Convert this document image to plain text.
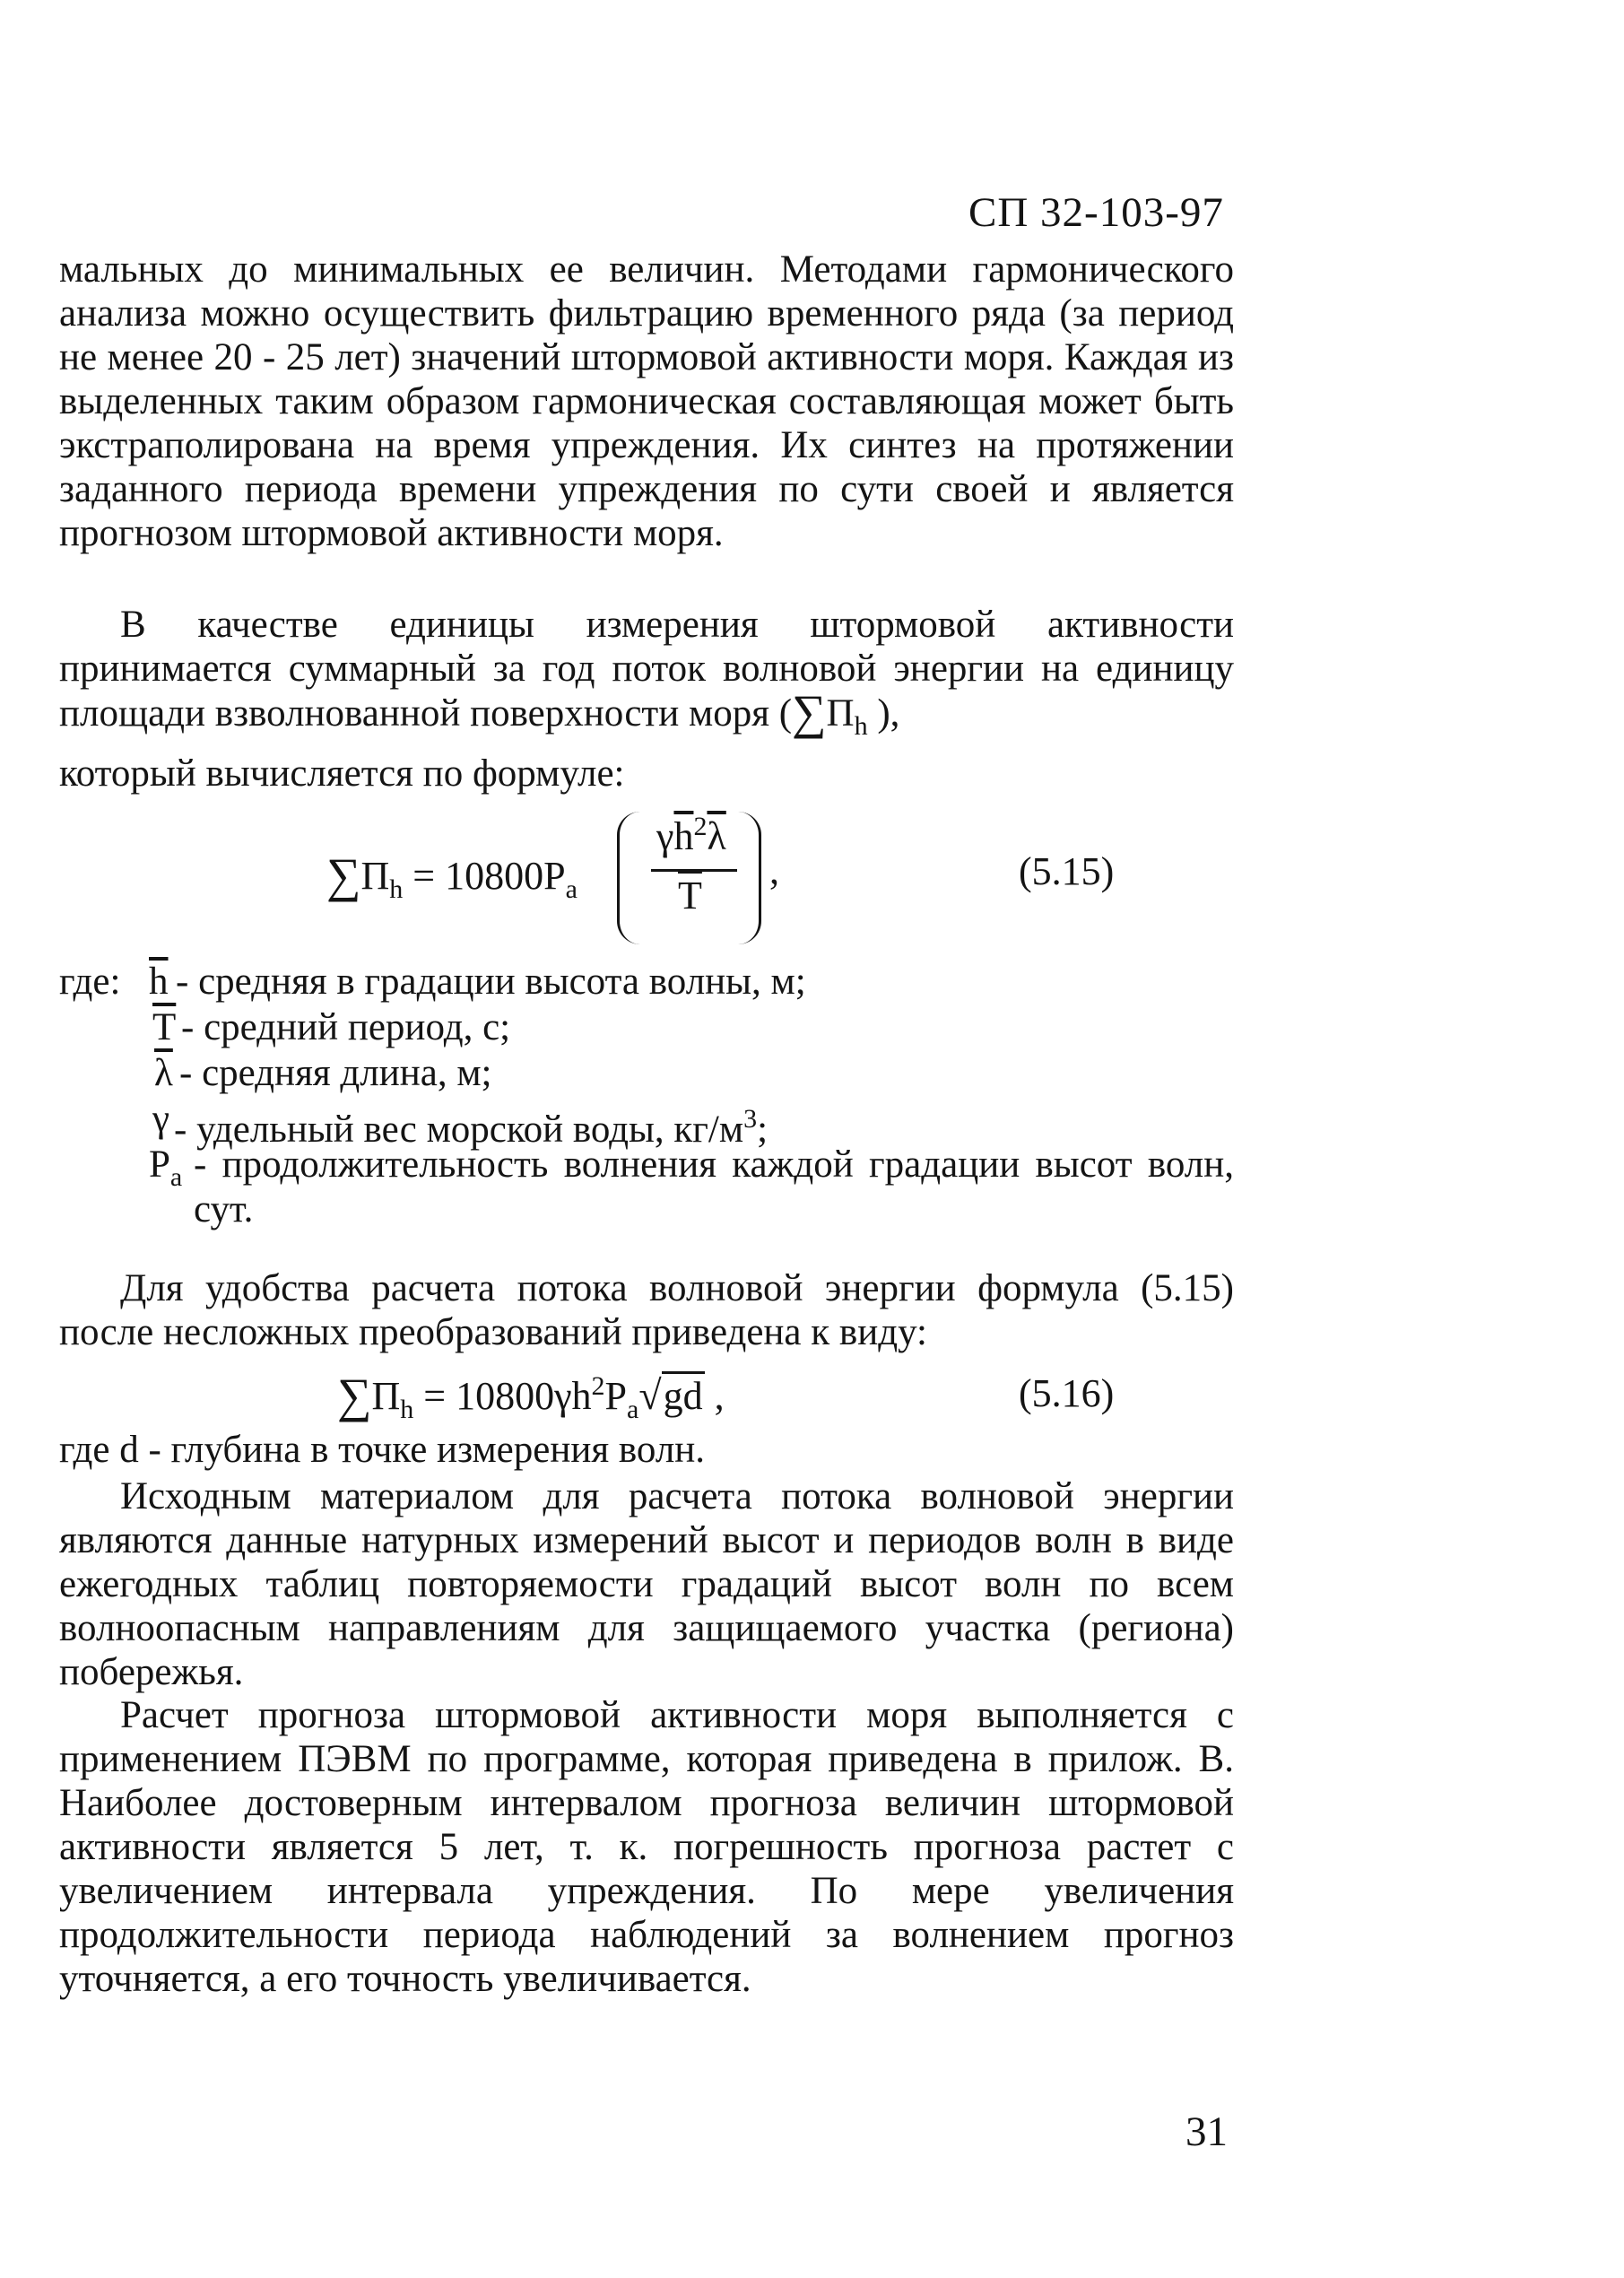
СП 32-103-97

мальных до минимальных ее величин. Методами гармонического анализа можно осуществить фильтрацию временного ряда (за период не менее 20 - 25 лет) значений штормовой активности моря. Каждая из выделенных таким образом гармоническая составляющая может быть экстраполирована на время упреждения. Их синтез на протяжении заданного периода времени упреждения по сути своей и является прогнозом штормовой активности моря.

В качестве единицы измерения штормовой активности принимается суммарный за год поток волновой энергии на единицу площади взволнованной поверхности моря ($\sum П_h$ ),

который вычисляется по формуле:

$\sum П_h = 10800P_a$
$\gamma\overline{h}^2\overline{\lambda}$
$\overline{T}$
,	(5.15)
где: $\overline{h}$ - средняя в градации высота волны, м;
$\overline{T}$ - средний период, с;
$\overline{\lambda}$ - средняя длина, м;
γ - удельный вес морской воды, $кг/м^3$;
$P_a$ - продолжительность волнения каждой градации высот волн, сут.

Для удобства расчета потока волновой энергии формула (5.15) после несложных преобразований приведена к виду:

$\sum П_h = 10800\gamma h^2P_a√gd$ ,	(5.16)

где d - глубина в точке измерения волн.

Исходным материалом для расчета потока волновой энергии являются данные натурных измерений высот и периодов волн в виде ежегодных таблиц повторяемости градаций высот волн по всем волноопасным направлениям для защищаемого участка (региона) побережья.

Расчет прогноза штормовой активности моря выполняется с применением ПЭВМ по программе, которая приведена в прилож. В. Наиболее достоверным интервалом прогноза величин штормовой активности является 5 лет, т. к. погрешность прогноза растет с увеличением интервала упреждения. По мере увеличения продолжительности периода наблюдений за волнением прогноз уточняется, а его точность увеличивается.

31
